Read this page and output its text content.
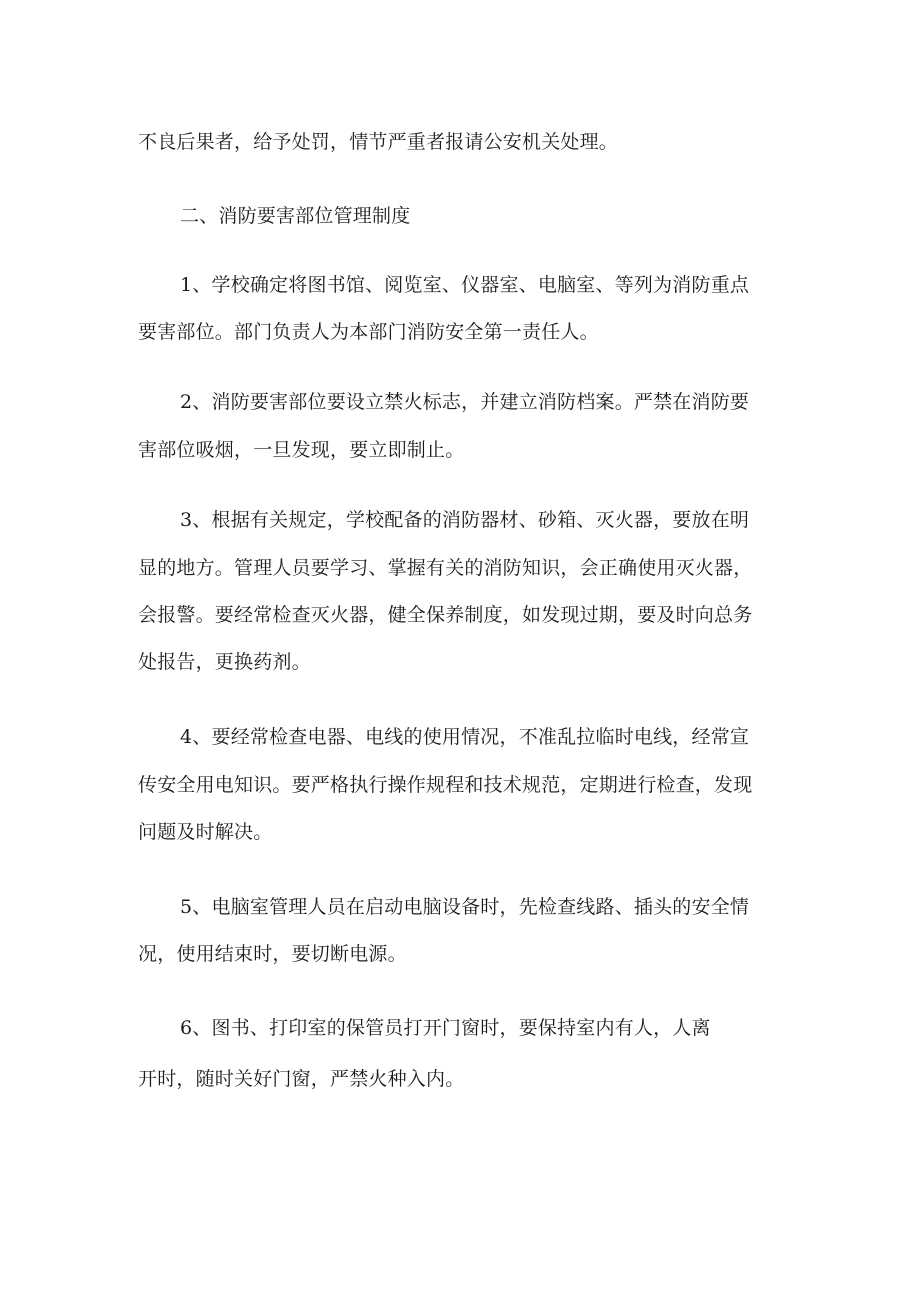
不良后果者，给予处罚，情节严重者报请公安机关处理。
二、消防要害部位管理制度
1、学校确定将图书馆、阅览室、仪器室、电脑室、等列为消防重点
要害部位。部门负责人为本部门消防安全第一责任人。
2、消防要害部位要设立禁火标志，并建立消防档案。严禁在消防要
害部位吸烟，一旦发现，要立即制止。
3、根据有关规定，学校配备的消防器材、砂箱、灭火器，要放在明
显的地方。管理人员要学习、掌握有关的消防知识，会正确使用灭火器，
会报警。要经常检查灭火器，健全保养制度，如发现过期，要及时向总务
处报告，更换药剂。
4、要经常检查电器、电线的使用情况，不准乱拉临时电线，经常宣
传安全用电知识。要严格执行操作规程和技术规范，定期进行检查，发现
问题及时解决。
5、电脑室管理人员在启动电脑设备时，先检查线路、插头的安全情
况，使用结束时，要切断电源。
6、图书、打印室的保管员打开门窗时，要保持室内有人，人离
开时，随时关好门窗，严禁火种入内。
